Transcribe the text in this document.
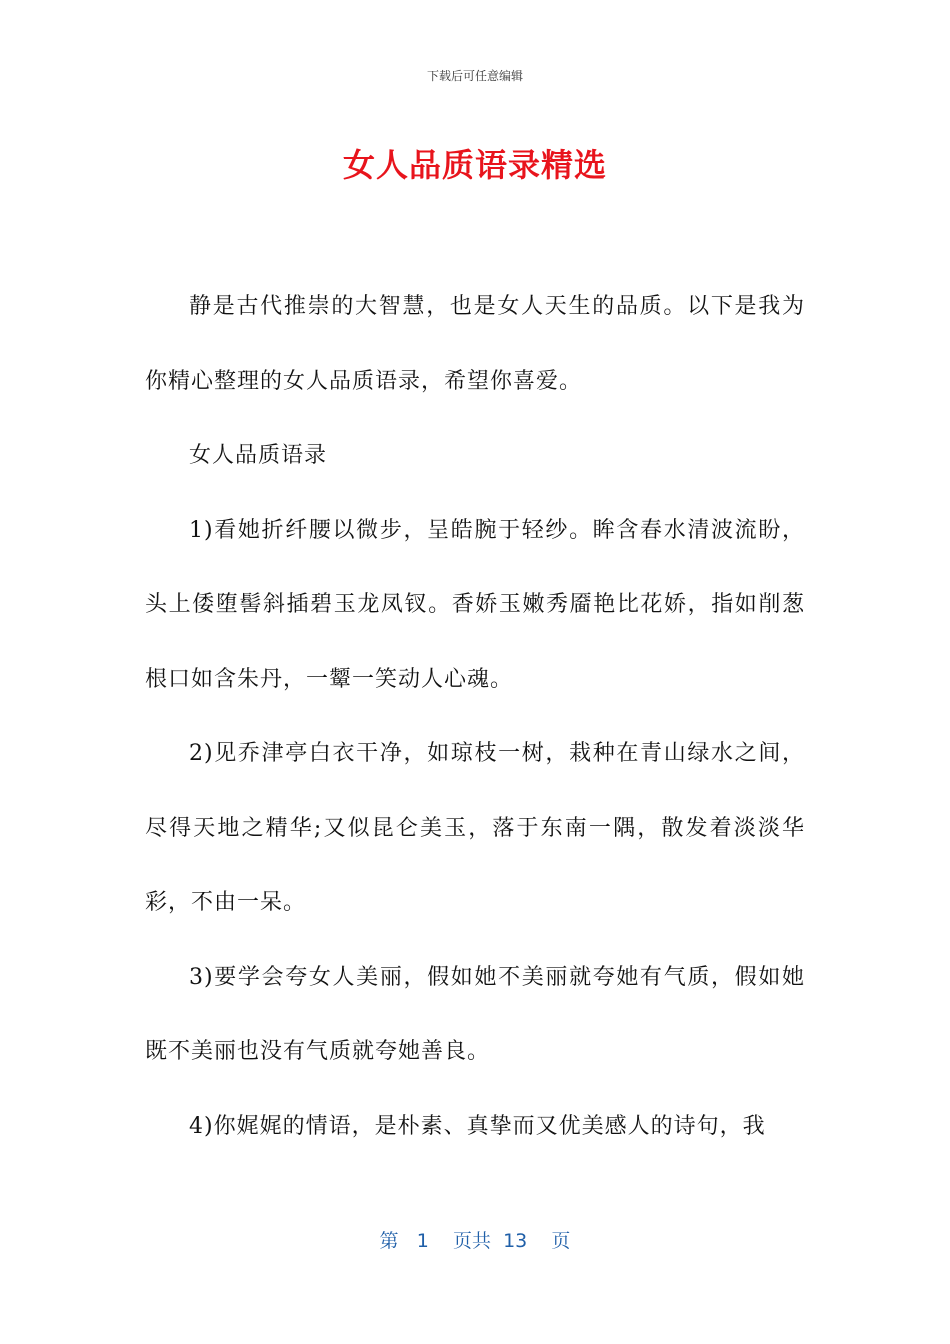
下载后可任意编辑
女人品质语录精选

静是古代推崇的大智慧，也是女人天生的品质。以下是我为你精心整理的女人品质语录，希望你喜爱。

女人品质语录

1)看她折纤腰以微步，呈皓腕于轻纱。眸含春水清波流盼，头上倭堕髻斜插碧玉龙凤钗。香娇玉嫩秀靥艳比花娇，指如削葱根口如含朱丹，一颦一笑动人心魂。

2)见乔津亭白衣干净，如琼枝一树，栽种在青山绿水之间，尽得天地之精华;又似昆仑美玉，落于东南一隅，散发着淡淡华彩，不由一呆。

3)要学会夸女人美丽，假如她不美丽就夸她有气质，假如她既不美丽也没有气质就夸她善良。

4)你娓娓的情语，是朴素、真挚而又优美感人的诗句，我

第 1 页共 13 页
